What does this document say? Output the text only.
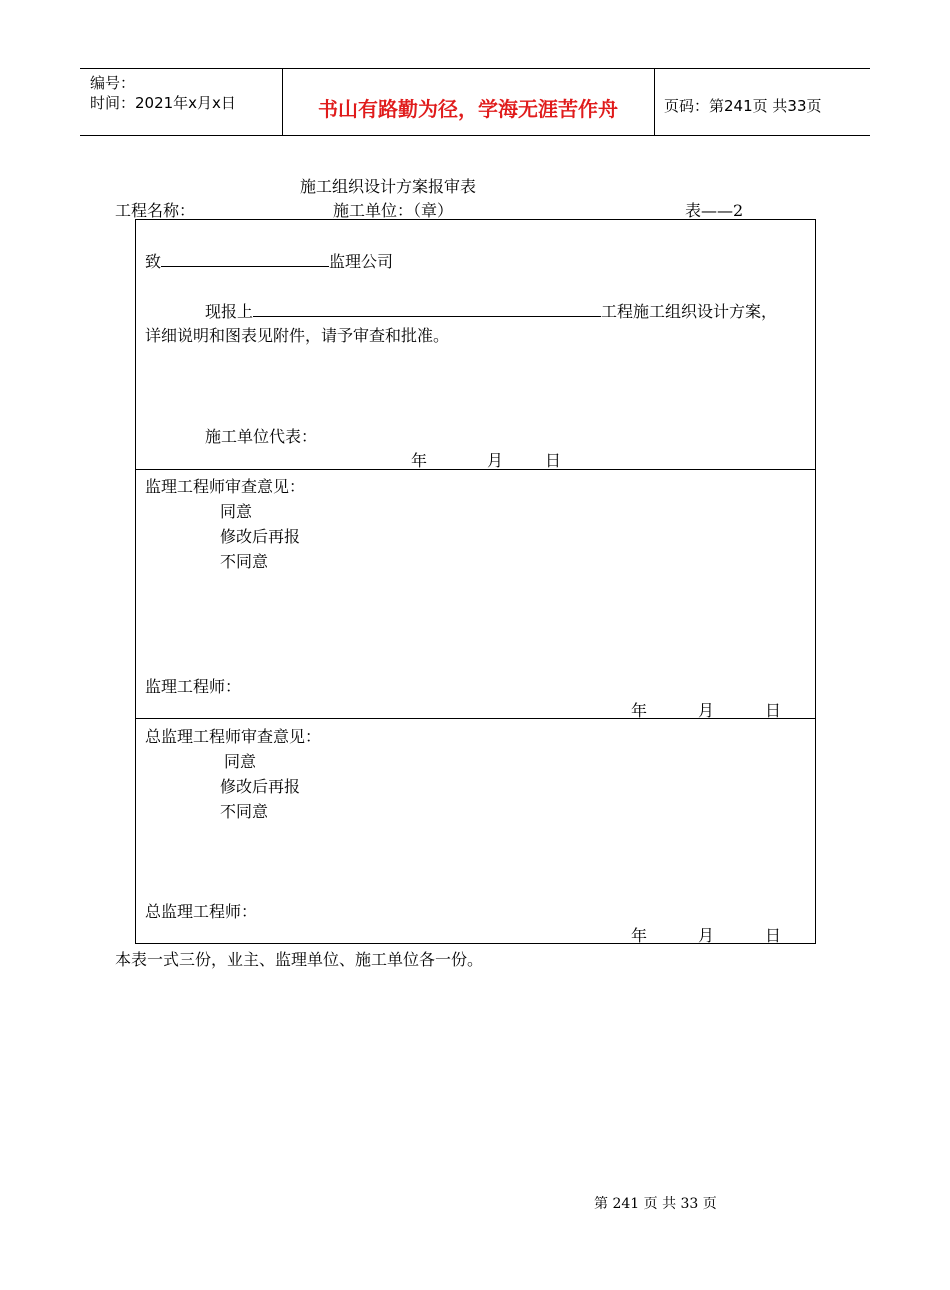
编号：
时间：2021年x月x日	书山有路勤为径，学海无涯苦作舟	页码：第241页 共33页
施工组织设计方案报审表
工程名称：	施工单位：（章）	表——2
致	监理公司
现报上	工程施工组织设计方案，
详细说明和图表见附件，请予审查和批准。
施工单位代表：
年	月	日
监理工程师审查意见：
同意
修改后再报
不同意
监理工程师：
年	月	日
总监理工程师审查意见：
同意
修改后再报
不同意
总监理工程师：
年	月	日
本表一式三份，业主、监理单位、施工单位各一份。
第 241 页 共 33 页
